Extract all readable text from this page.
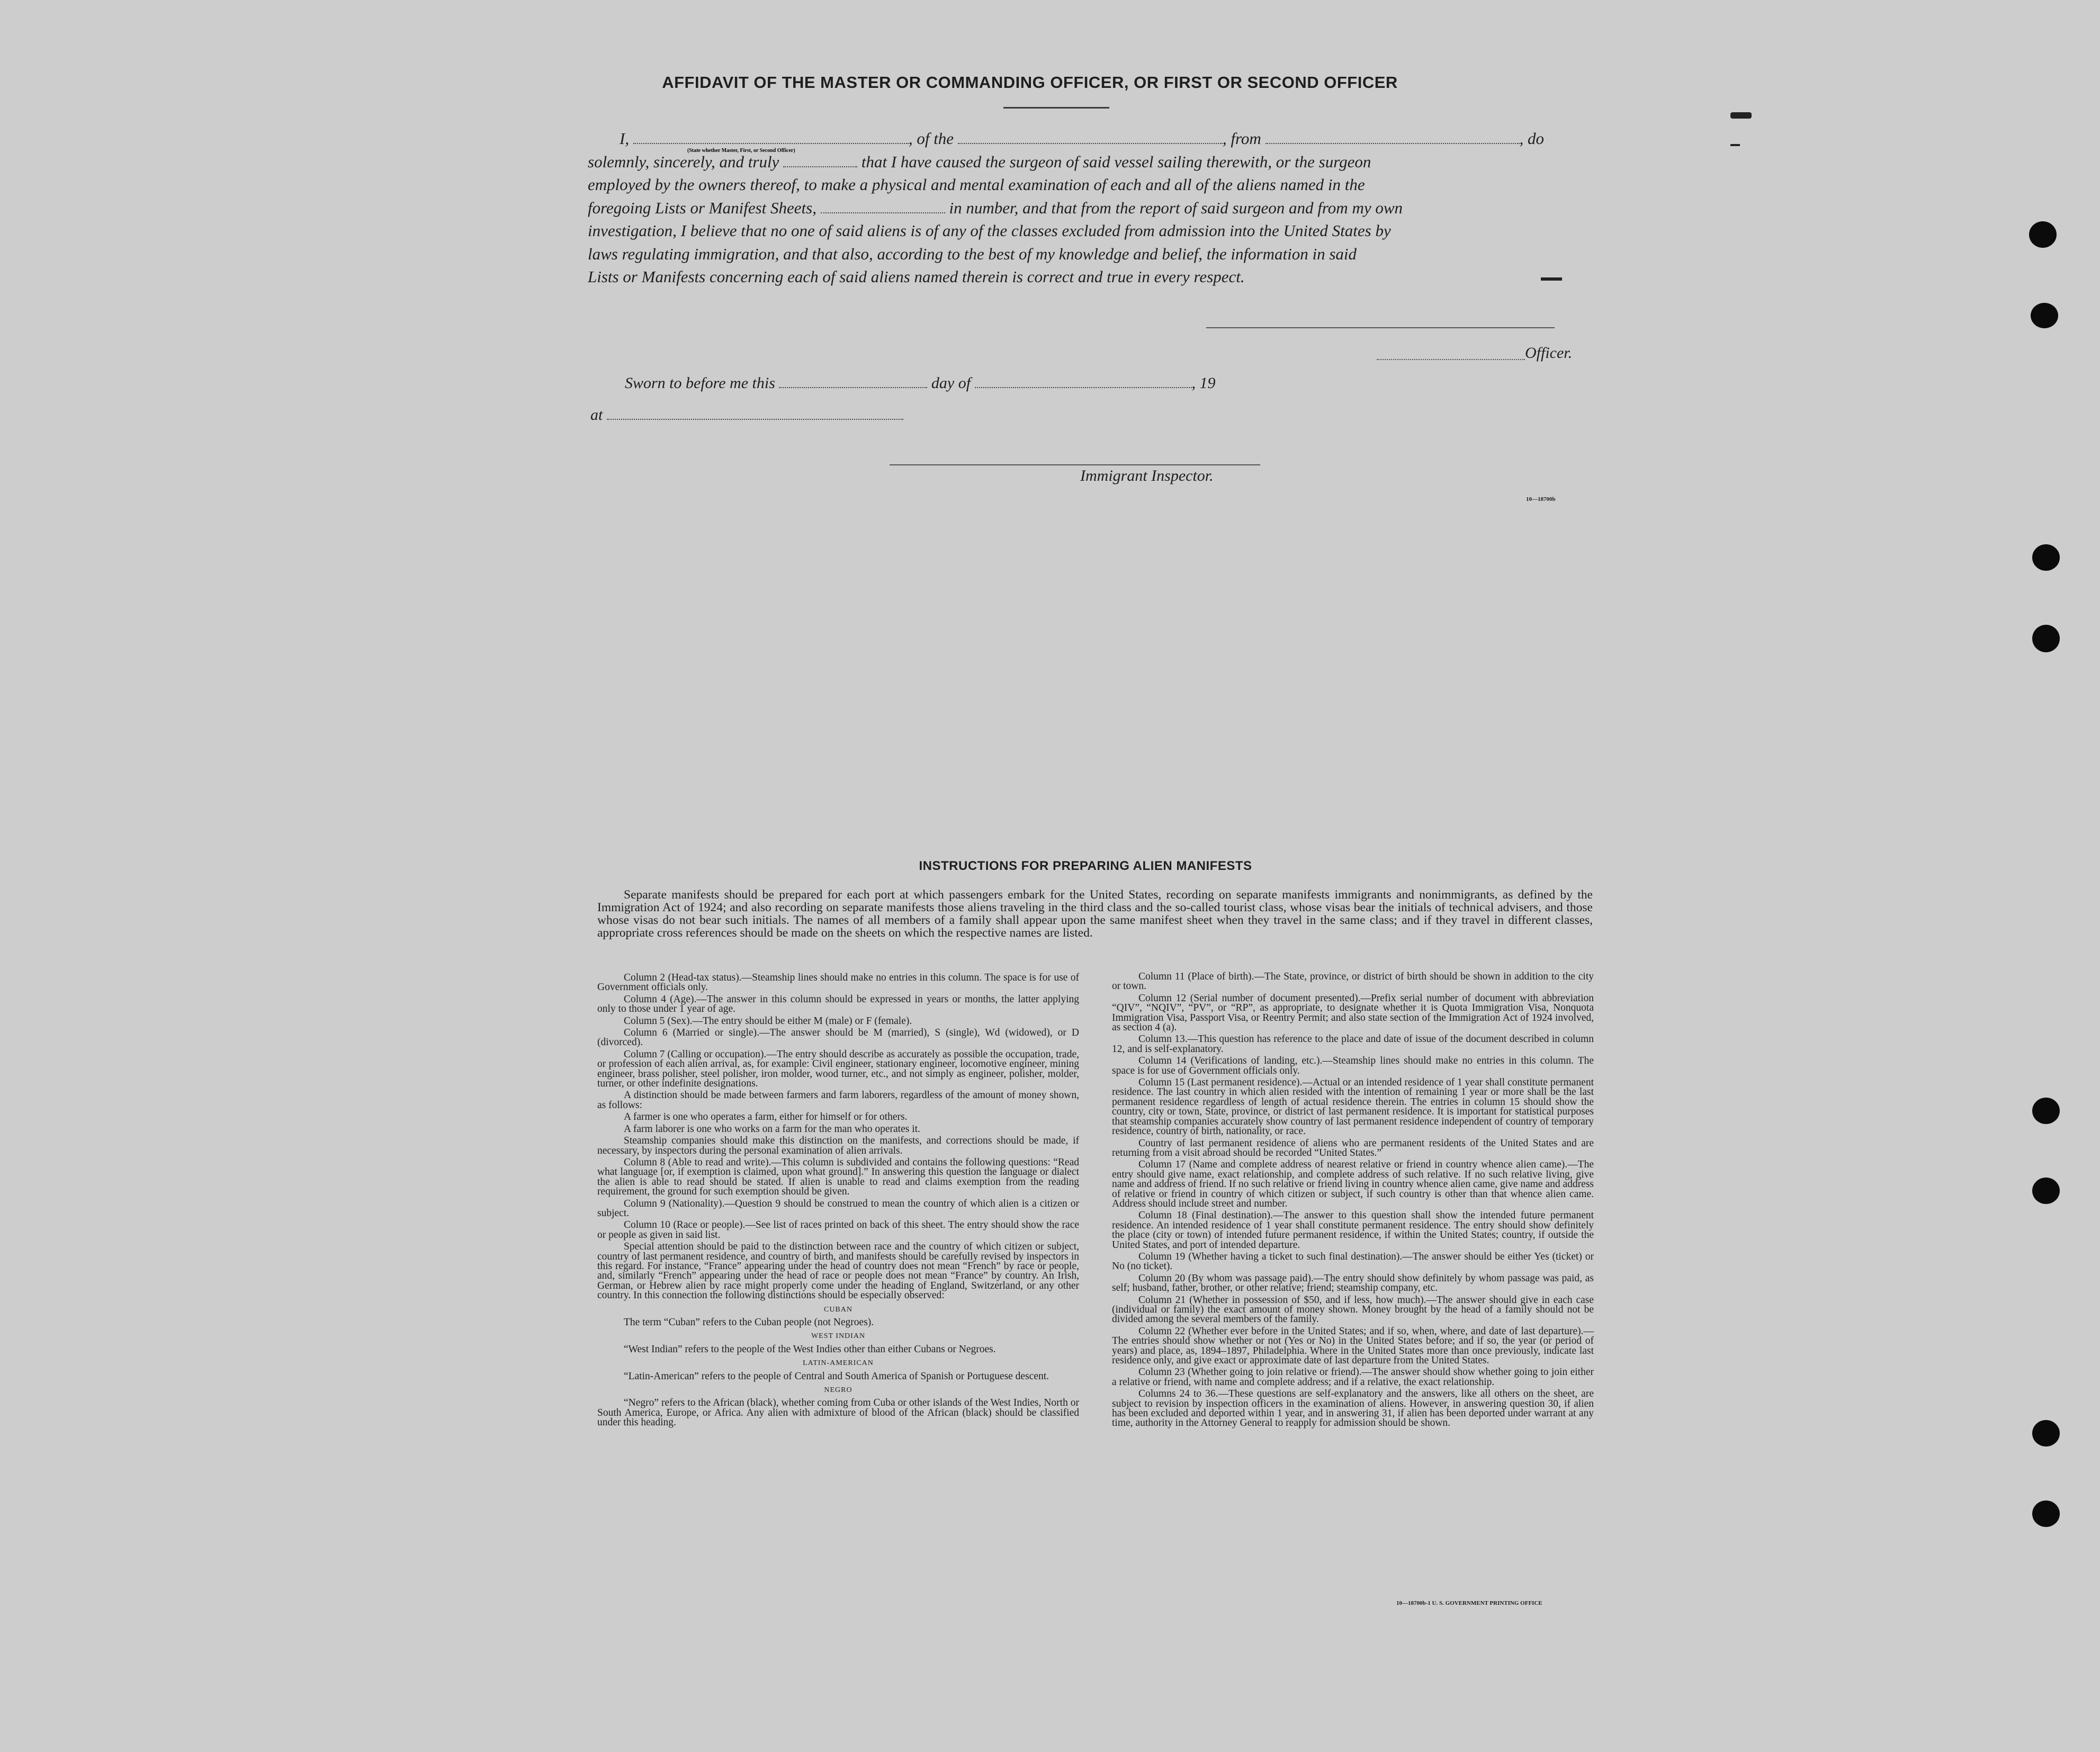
AFFIDAVIT OF THE MASTER OR COMMANDING OFFICER, OR FIRST OR SECOND OFFICER

I,	, of the	, from	, do

solemnly, sincerely, and truly	that I have caused the surgeon of said vessel sailing therewith, or the surgeon

employed by the owners thereof, to make a physical and mental examination of each and all of the aliens named in the

foregoing Lists or Manifest Sheets,	in number, and that from the report of said surgeon and from my own

investigation, I believe that no one of said aliens is of any of the classes excluded from admission into the United States by

laws regulating immigration, and that also, according to the best of my knowledge and belief, the information in said

Lists or Manifests concerning each of said aliens named therein is correct and true in every respect.

(State whether Master, First, or Second Officer)

Officer.

Sworn to before me this	day of	, 19

at

Immigrant Inspector.

10—18700b

INSTRUCTIONS FOR PREPARING ALIEN MANIFESTS

Separate manifests should be prepared for each port at which passengers embark for the United States, recording on separate manifests immigrants and nonimmigrants, as defined by the Immigration Act of 1924; and also recording on separate manifests those aliens traveling in the third class and the so-called tourist class, whose visas bear the initials of technical advisers, and those whose visas do not bear such initials. The names of all members of a family shall appear upon the same manifest sheet when they travel in the same class; and if they travel in different classes, appropriate cross references should be made on the sheets on which the respective names are listed.

Column 2 (Head-tax status).—Steamship lines should make no entries in this column. The space is for use of Government officials only.

Column 4 (Age).—The answer in this column should be expressed in years or months, the latter applying only to those under 1 year of age.

Column 5 (Sex).—The entry should be either M (male) or F (female).

Column 6 (Married or single).—The answer should be M (married), S (single), Wd (widowed), or D (divorced).

Column 7 (Calling or occupation).—The entry should describe as accurately as possible the occupation, trade, or profession of each alien arrival, as, for example: Civil engineer, stationary engineer, locomotive engineer, mining engineer, brass polisher, steel polisher, iron molder, wood turner, etc., and not simply as engineer, polisher, molder, turner, or other indefinite designations.

A distinction should be made between farmers and farm laborers, regardless of the amount of money shown, as follows:

A farmer is one who operates a farm, either for himself or for others.

A farm laborer is one who works on a farm for the man who operates it.

Steamship companies should make this distinction on the manifests, and corrections should be made, if necessary, by inspectors during the personal examination of alien arrivals.

Column 8 (Able to read and write).—This column is subdivided and contains the following questions: “Read what language [or, if exemption is claimed, upon what ground].” In answering this question the language or dialect the alien is able to read should be stated. If alien is unable to read and claims exemption from the reading requirement, the ground for such exemption should be given.

Column 9 (Nationality).—Question 9 should be construed to mean the country of which alien is a citizen or subject.

Column 10 (Race or people).—See list of races printed on back of this sheet. The entry should show the race or people as given in said list.

Special attention should be paid to the distinction between race and the country of which citizen or subject, country of last permanent residence, and country of birth, and manifests should be carefully revised by inspectors in this regard. For instance, “France” appearing under the head of country does not mean “French” by race or people, and, similarly “French” appearing under the head of race or people does not mean “France” by country. An Irish, German, or Hebrew alien by race might properly come under the heading of England, Switzerland, or any other country. In this connection the following distinctions should be especially observed:

CUBAN

The term “Cuban” refers to the Cuban people (not Negroes).

WEST INDIAN

“West Indian” refers to the people of the West Indies other than either Cubans or Negroes.

LATIN-AMERICAN

“Latin-American” refers to the people of Central and South America of Spanish or Portuguese descent.

NEGRO

“Negro” refers to the African (black), whether coming from Cuba or other islands of the West Indies, North or South America, Europe, or Africa. Any alien with admixture of blood of the African (black) should be classified under this heading.

Column 11 (Place of birth).—The State, province, or district of birth should be shown in addition to the city or town.

Column 12 (Serial number of document presented).—Prefix serial number of document with abbreviation “QIV”, “NQIV”, “PV”, or “RP”, as appropriate, to designate whether it is Quota Immigration Visa, Nonquota Immigration Visa, Passport Visa, or Reentry Permit; and also state section of the Immigration Act of 1924 involved, as section 4 (a).

Column 13.—This question has reference to the place and date of issue of the document described in column 12, and is self-explanatory.

Column 14 (Verifications of landing, etc.).—Steamship lines should make no entries in this column. The space is for use of Government officials only.

Column 15 (Last permanent residence).—Actual or an intended residence of 1 year shall constitute permanent residence. The last country in which alien resided with the intention of remaining 1 year or more shall be the last permanent residence regardless of length of actual residence therein. The entries in column 15 should show the country, city or town, State, province, or district of last permanent residence. It is important for statistical purposes that steamship companies accurately show country of last permanent residence independent of country of temporary residence, country of birth, nationality, or race.

Country of last permanent residence of aliens who are permanent residents of the United States and are returning from a visit abroad should be recorded “United States.”

Column 17 (Name and complete address of nearest relative or friend in country whence alien came).—The entry should give name, exact relationship, and complete address of such relative. If no such relative living, give name and address of friend. If no such relative or friend living in country whence alien came, give name and address of relative or friend in country of which citizen or subject, if such country is other than that whence alien came. Address should include street and number.

Column 18 (Final destination).—The answer to this question shall show the intended future permanent residence. An intended residence of 1 year shall constitute permanent residence. The entry should show definitely the place (city or town) of intended future permanent residence, if within the United States; country, if outside the United States, and port of intended departure.

Column 19 (Whether having a ticket to such final destination).—The answer should be either Yes (ticket) or No (no ticket).

Column 20 (By whom was passage paid).—The entry should show definitely by whom passage was paid, as self; husband, father, brother, or other relative; friend; steamship company, etc.

Column 21 (Whether in possession of $50, and if less, how much).—The answer should give in each case (individual or family) the exact amount of money shown. Money brought by the head of a family should not be divided among the several members of the family.

Column 22 (Whether ever before in the United States; and if so, when, where, and date of last departure).—The entries should show whether or not (Yes or No) in the United States before; and if so, the year (or period of years) and place, as, 1894–1897, Philadelphia. Where in the United States more than once previously, indicate last residence only, and give exact or approximate date of last departure from the United States.

Column 23 (Whether going to join relative or friend).—The answer should show whether going to join either a relative or friend, with name and complete address; and if a relative, the exact relationship.

Columns 24 to 36.—These questions are self-explanatory and the answers, like all others on the sheet, are subject to revision by inspection officers in the examination of aliens. However, in answering question 30, if alien has been excluded and deported within 1 year, and in answering 31, if alien has been deported under warrant at any time, authority in the Attorney General to reapply for admission should be shown.

10—18700b-1 U. S. GOVERNMENT PRINTING OFFICE
